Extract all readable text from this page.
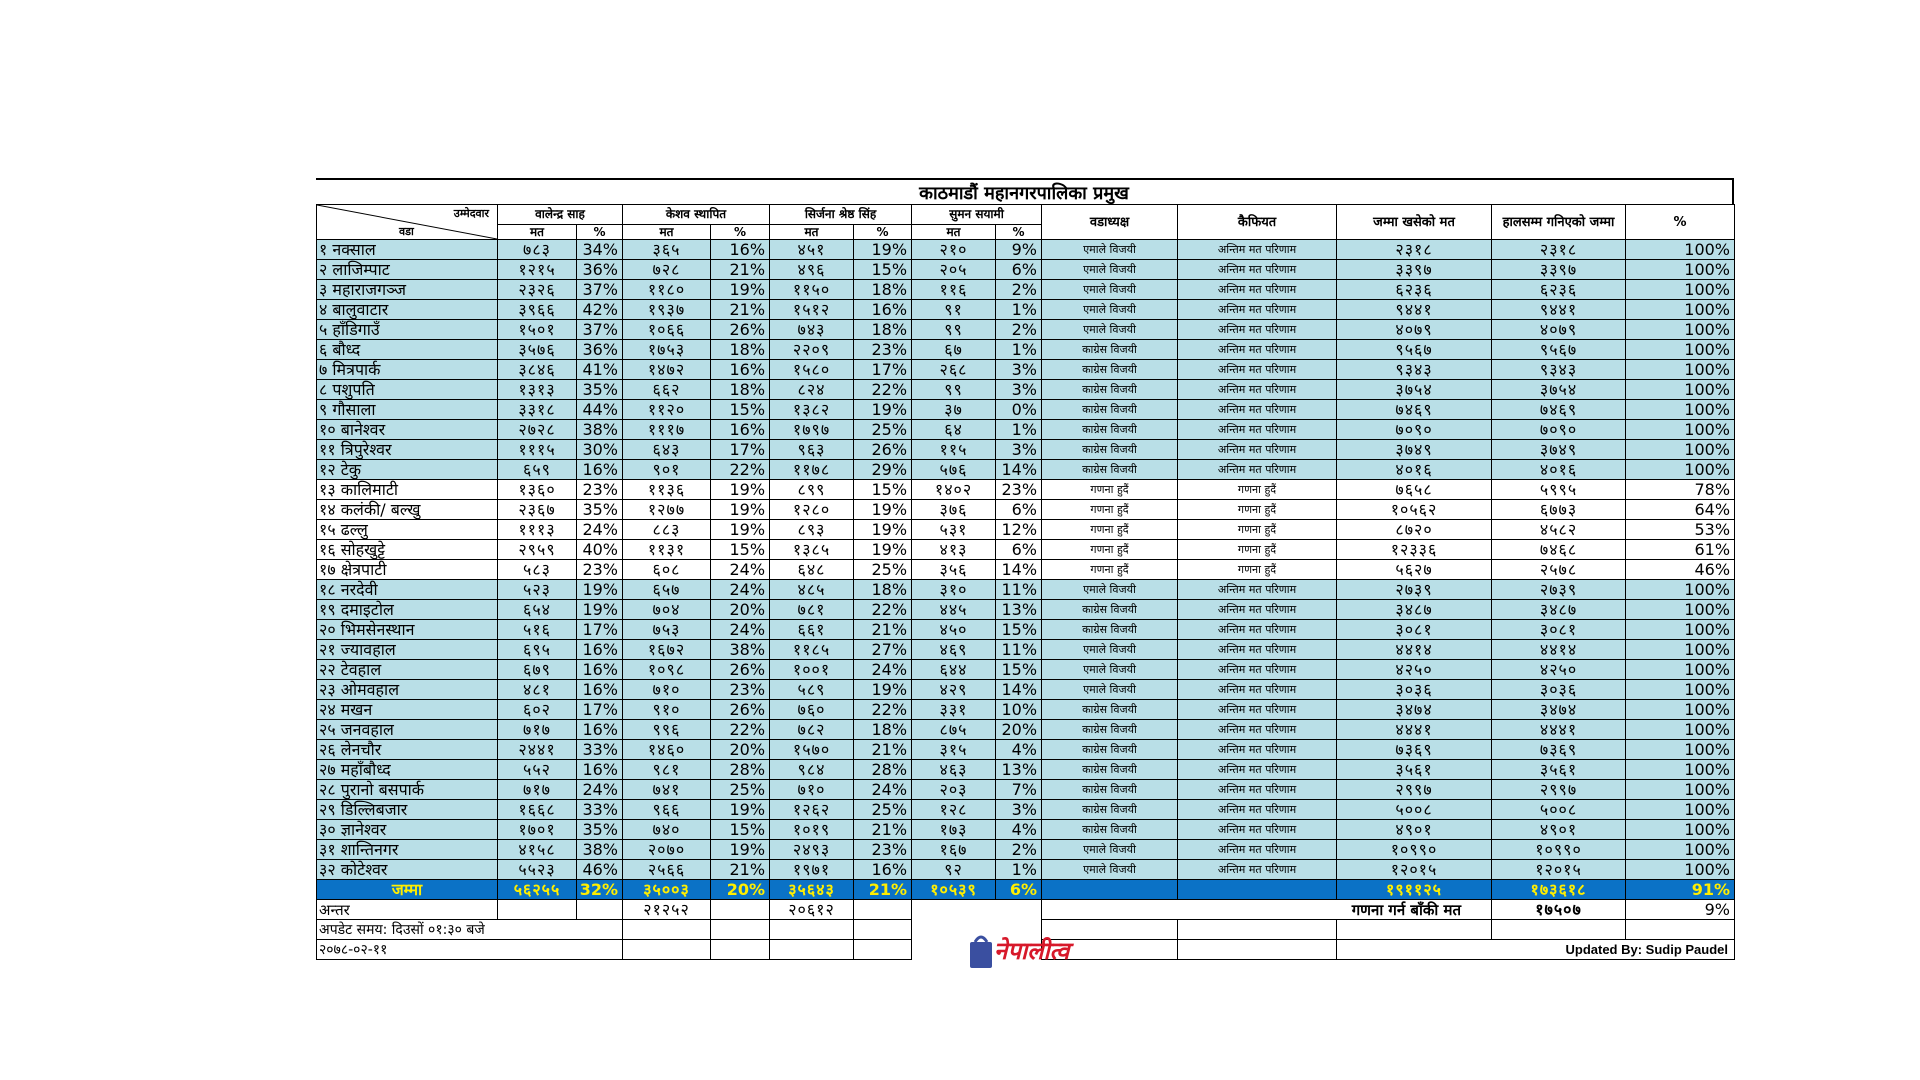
काठमाडौं महानगरपालिका प्रमुख
उम्मेदवार
वडा	वालेन्द्र साह		केशव स्थापित		सिर्जना श्रेष्ठ सिंह		सुमन सयामी		वडाध्यक्ष	कैफियत	जम्मा खसेको मत	हालसम्म गनिएको जम्मा	%
	मत	%	मत	%	मत	%	मत	%					
१ नक्साल	७८३	34%	३६५	16%	४५१	19%	२१०	9%	एमाले विजयी	अन्तिम मत परिणाम	२३१८	२३१८	100%
२ लाजिम्पाट	१२१५	36%	७२८	21%	४९६	15%	२०५	6%	एमाले विजयी	अन्तिम मत परिणाम	३३९७	३३९७	100%
३ महाराजगञ्ज	२३२६	37%	११८०	19%	११५०	18%	११६	2%	एमाले विजयी	अन्तिम मत परिणाम	६२३६	६२३६	100%
४ बालुवाटार	३९६६	42%	१९३७	21%	१५१२	16%	९१	1%	एमाले विजयी	अन्तिम मत परिणाम	९४४१	९४४१	100%
५ हाँडिगाउँ	१५०१	37%	१०६६	26%	७४३	18%	९९	2%	एमाले विजयी	अन्तिम मत परिणाम	४०७९	४०७९	100%
६ बौध्द	३५७६	36%	१७५३	18%	२२०९	23%	६७	1%	काग्रेस विजयी	अन्तिम मत परिणाम	९५६७	९५६७	100%
७ मित्रपार्क	३८४६	41%	१४७२	16%	१५८०	17%	२६८	3%	काग्रेस विजयी	अन्तिम मत परिणाम	९३४३	९३४३	100%
८ पशुपति	१३१३	35%	६६२	18%	८२४	22%	९९	3%	काग्रेस विजयी	अन्तिम मत परिणाम	३७५४	३७५४	100%
९ गौसाला	३३१८	44%	११२०	15%	१३८२	19%	३७	0%	काग्रेस विजयी	अन्तिम मत परिणाम	७४६९	७४६९	100%
१० बानेश्वर	२७२८	38%	१११७	16%	१७९७	25%	६४	1%	काग्रेस विजयी	अन्तिम मत परिणाम	७०९०	७०९०	100%
११ त्रिपुरेश्वर	१११५	30%	६४३	17%	९६३	26%	११५	3%	काग्रेस विजयी	अन्तिम मत परिणाम	३७४९	३७४९	100%
१२ टेकु	६५९	16%	९०१	22%	११७८	29%	५७६	14%	काग्रेस विजयी	अन्तिम मत परिणाम	४०१६	४०१६	100%
१३ कालिमाटी	१३६०	23%	११३६	19%	८९९	15%	१४०२	23%	गणना हुदैं	गणना हुदैं	७६५८	५९९५	78%
१४ कलंकी/ बल्खु	२३६७	35%	१२७७	19%	१२८०	19%	३७६	6%	गणना हुदैं	गणना हुदैं	१०५६२	६७७३	64%
१५ ढल्लु	१११३	24%	८८३	19%	८९३	19%	५३१	12%	गणना हुदैं	गणना हुदैं	८७२०	४५८२	53%
१६ सोहखुट्टे	२९५९	40%	११३१	15%	१३८५	19%	४१३	6%	गणना हुदैं	गणना हुदैं	१२३३६	७४६८	61%
१७ क्षेत्रपाटी	५८३	23%	६०८	24%	६४८	25%	३५६	14%	गणना हुदैं	गणना हुदैं	५६२७	२५७८	46%
१८ नरदेवी	५२३	19%	६५७	24%	४८५	18%	३१०	11%	एमाले विजयी	अन्तिम मत परिणाम	२७३९	२७३९	100%
१९ दमाइटोल	६५४	19%	७०४	20%	७८१	22%	४४५	13%	काग्रेस विजयी	अन्तिम मत परिणाम	३४८७	३४८७	100%
२० भिमसेनस्थान	५१६	17%	७५३	24%	६६१	21%	४५०	15%	काग्रेस विजयी	अन्तिम मत परिणाम	३०८१	३०८१	100%
२१ ज्यावहाल	६९५	16%	१६७२	38%	११८५	27%	४६९	11%	एमाले विजयी	अन्तिम मत परिणाम	४४१४	४४१४	100%
२२ टेवहाल	६७९	16%	१०९८	26%	१००१	24%	६४४	15%	एमाले विजयी	अन्तिम मत परिणाम	४२५०	४२५०	100%
२३ ओमवहाल	४८१	16%	७१०	23%	५८९	19%	४२९	14%	एमाले विजयी	अन्तिम मत परिणाम	३०३६	३०३६	100%
२४ मखन	६०२	17%	९१०	26%	७६०	22%	३३१	10%	काग्रेस विजयी	अन्तिम मत परिणाम	३४७४	३४७४	100%
२५ जनवहाल	७१७	16%	९९६	22%	७८२	18%	८७५	20%	काग्रेस विजयी	अन्तिम मत परिणाम	४४४१	४४४१	100%
२६ लेनचौर	२४४१	33%	१४६०	20%	१५७०	21%	३१५	4%	काग्रेस विजयी	अन्तिम मत परिणाम	७३६९	७३६९	100%
२७ महाँबौध्द	५५२	16%	९८१	28%	९८४	28%	४६३	13%	काग्रेस विजयी	अन्तिम मत परिणाम	३५६१	३५६१	100%
२८ पुरानो बसपार्क	७१७	24%	७४१	25%	७१०	24%	२०३	7%	काग्रेस विजयी	अन्तिम मत परिणाम	२९९७	२९९७	100%
२९ डिल्लिबजार	१६६८	33%	९६६	19%	१२६२	25%	१२८	3%	काग्रेस विजयी	अन्तिम मत परिणाम	५००८	५००८	100%
३० ज्ञानेश्वर	१७०१	35%	७४०	15%	१०१९	21%	१७३	4%	काग्रेस विजयी	अन्तिम मत परिणाम	४९०१	४९०१	100%
३१ शान्तिनगर	४१५८	38%	२०७०	19%	२४९३	23%	१६७	2%	एमाले विजयी	अन्तिम मत परिणाम	१०९९०	१०९९०	100%
३२ कोटेश्वर	५५२३	46%	२५६६	21%	१९७१	16%	९२	1%	एमाले विजयी	अन्तिम मत परिणाम	१२०१५	१२०१५	100%
जम्मा	५६२५५	32%	३५००३	20%	३५६४३	21%	१०५३९	6%			१९११२५	१७३६१८	91%
अन्तर			२१२५२		२०६१२				गणना गर्न बाँकी मत			१७५०७	9%
अपडेट समय: दिउसों ०१:३० बजे													
२०७८-०२-११											Updated By: Sudip Paudel		
नेपालीत्व
